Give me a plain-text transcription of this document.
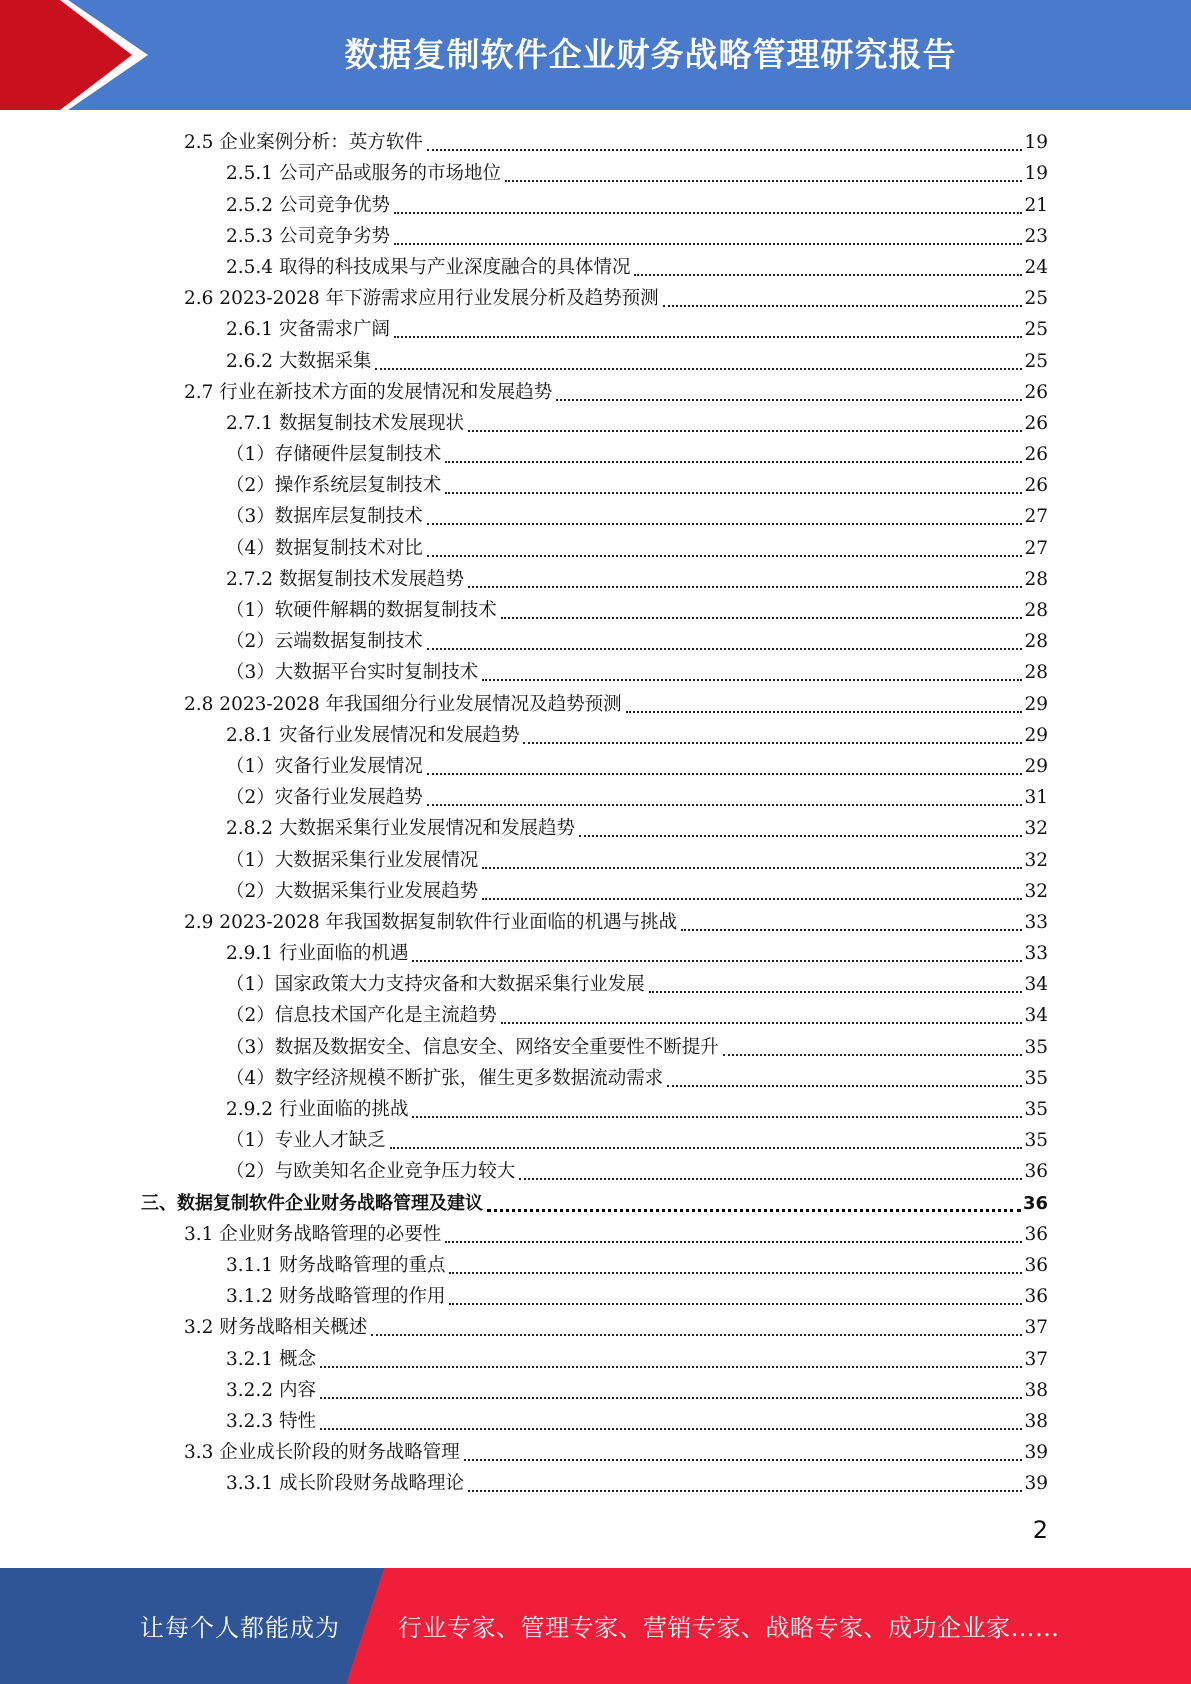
数据复制软件企业财务战略管理研究报告
2.5 企业案例分析：英方软件	19
2.5.1 公司产品或服务的市场地位	19
2.5.2 公司竞争优势	21
2.5.3 公司竞争劣势	23
2.5.4 取得的科技成果与产业深度融合的具体情况	24
2.6 2023-2028 年下游需求应用行业发展分析及趋势预测	25
2.6.1 灾备需求广阔	25
2.6.2 大数据采集	25
2.7 行业在新技术方面的发展情况和发展趋势	26
2.7.1 数据复制技术发展现状	26
（1）存储硬件层复制技术	26
（2）操作系统层复制技术	26
（3）数据库层复制技术	27
（4）数据复制技术对比	27
2.7.2 数据复制技术发展趋势	28
（1）软硬件解耦的数据复制技术	28
（2）云端数据复制技术	28
（3）大数据平台实时复制技术	28
2.8 2023-2028 年我国细分行业发展情况及趋势预测	29
2.8.1 灾备行业发展情况和发展趋势	29
（1）灾备行业发展情况	29
（2）灾备行业发展趋势	31
2.8.2 大数据采集行业发展情况和发展趋势	32
（1）大数据采集行业发展情况	32
（2）大数据采集行业发展趋势	32
2.9 2023-2028 年我国数据复制软件行业面临的机遇与挑战	33
2.9.1 行业面临的机遇	33
（1）国家政策大力支持灾备和大数据采集行业发展	34
（2）信息技术国产化是主流趋势	34
（3）数据及数据安全、信息安全、网络安全重要性不断提升	35
（4）数字经济规模不断扩张，催生更多数据流动需求	35
2.9.2 行业面临的挑战	35
（1）专业人才缺乏	35
（2）与欧美知名企业竞争压力较大	36
三、数据复制软件企业财务战略管理及建议	36
3.1 企业财务战略管理的必要性	36
3.1.1 财务战略管理的重点	36
3.1.2 财务战略管理的作用	36
3.2 财务战略相关概述	37
3.2.1 概念	37
3.2.2 内容	38
3.2.3 特性	38
3.3 企业成长阶段的财务战略管理	39
3.3.1 成长阶段财务战略理论	39
2
让每个人都能成为 行业专家、管理专家、营销专家、战略专家、成功企业家……
